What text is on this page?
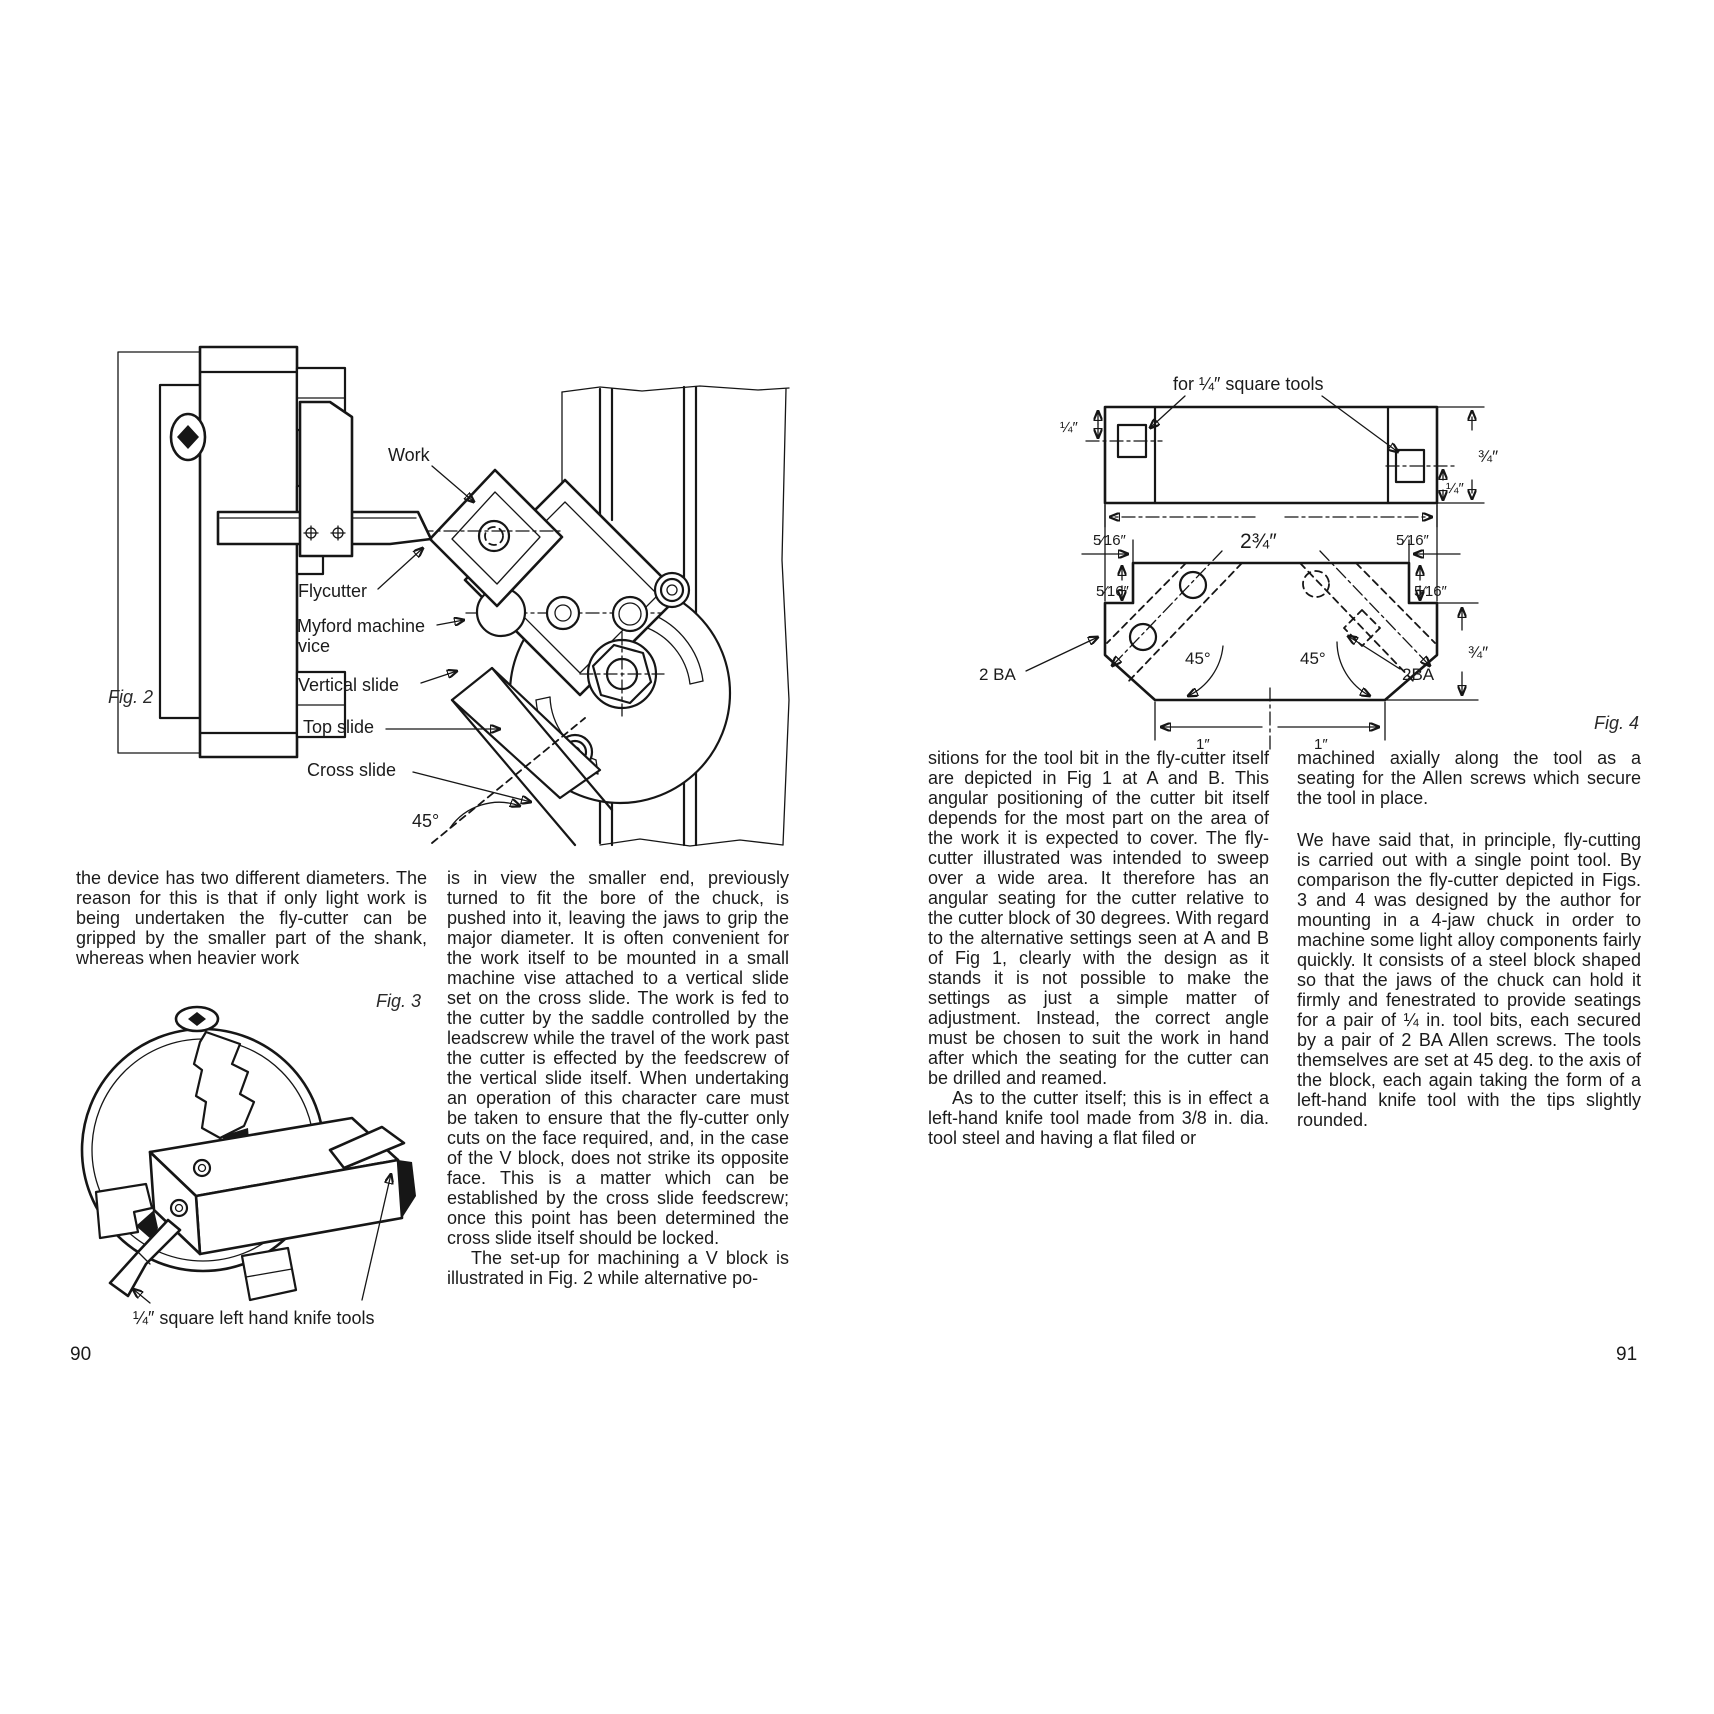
Work
Flycutter
Myford machine
vice
Vertical slide
Top slide
Cross slide
45°
Fig. 2

the device has two different diameters. The reason for this is that if only light work is being undertaken the fly-cutter can be gripped by the smaller part of the shank, whereas when heavier work

is in view the smaller end, previously turned to fit the bore of the chuck, is pushed into it, leaving the jaws to grip the major diameter. It is often convenient for the work itself to be mounted in a small machine vise attached to a vertical slide set on the cross slide. The work is fed to the cutter by the saddle controlled by the leadscrew while the travel of the work past the cutter is effected by the feedscrew of the vertical slide itself. When undertaking an operation of this character care must be taken to ensure that the fly-cutter only cuts on the face required, and, in the case of the V block, does not strike its opposite face. This is a matter which can be established by the cross slide feedscrew; once this point has been determined the cross slide itself should be locked.

The set-up for machining a V block is illustrated in Fig. 2 while alternative po-

Fig. 3
¼″ square left hand knife tools
90
for ¼″ square tools
¼″
¾″
¼″
2¾″
5⁄16″
5⁄16″
5⁄16″
5⁄16″
45°	45°
2 BA	2BA
1″	1″
¾″
Fig. 4

sitions for the tool bit in the fly-cutter itself are depicted in Fig 1 at A and B. This angular positioning of the cutter bit itself depends for the most part on the area of the work it is expected to cover. The fly-cutter illustrated was intended to sweep over a wide area. It therefore has an angular seating for the cutter relative to the cutter block of 30 degrees. With regard to the alternative settings seen at A and B of Fig 1, clearly with the design as it stands it is not possible to make the settings as just a simple matter of adjustment. Instead, the correct angle must be chosen to suit the work in hand after which the seating for the cutter can be drilled and reamed.

As to the cutter itself; this is in effect a left-hand knife tool made from 3/8 in. dia. tool steel and having a flat filed or

machined axially along the tool as a seating for the Allen screws which secure the tool in place.

We have said that, in principle, fly-cutting is carried out with a single point tool. By comparison the fly-cutter depicted in Figs. 3 and 4 was designed by the author for mounting in a 4-jaw chuck in order to machine some light alloy components fairly quickly. It consists of a steel block shaped so that the jaws of the chuck can hold it firmly and fenestrated to provide seatings for a pair of ¼ in. tool bits, each secured by a pair of 2 BA Allen screws. The tools themselves are set at 45 deg. to the axis of the block, each again taking the form of a left-hand knife tool with the tips slightly rounded.

91
